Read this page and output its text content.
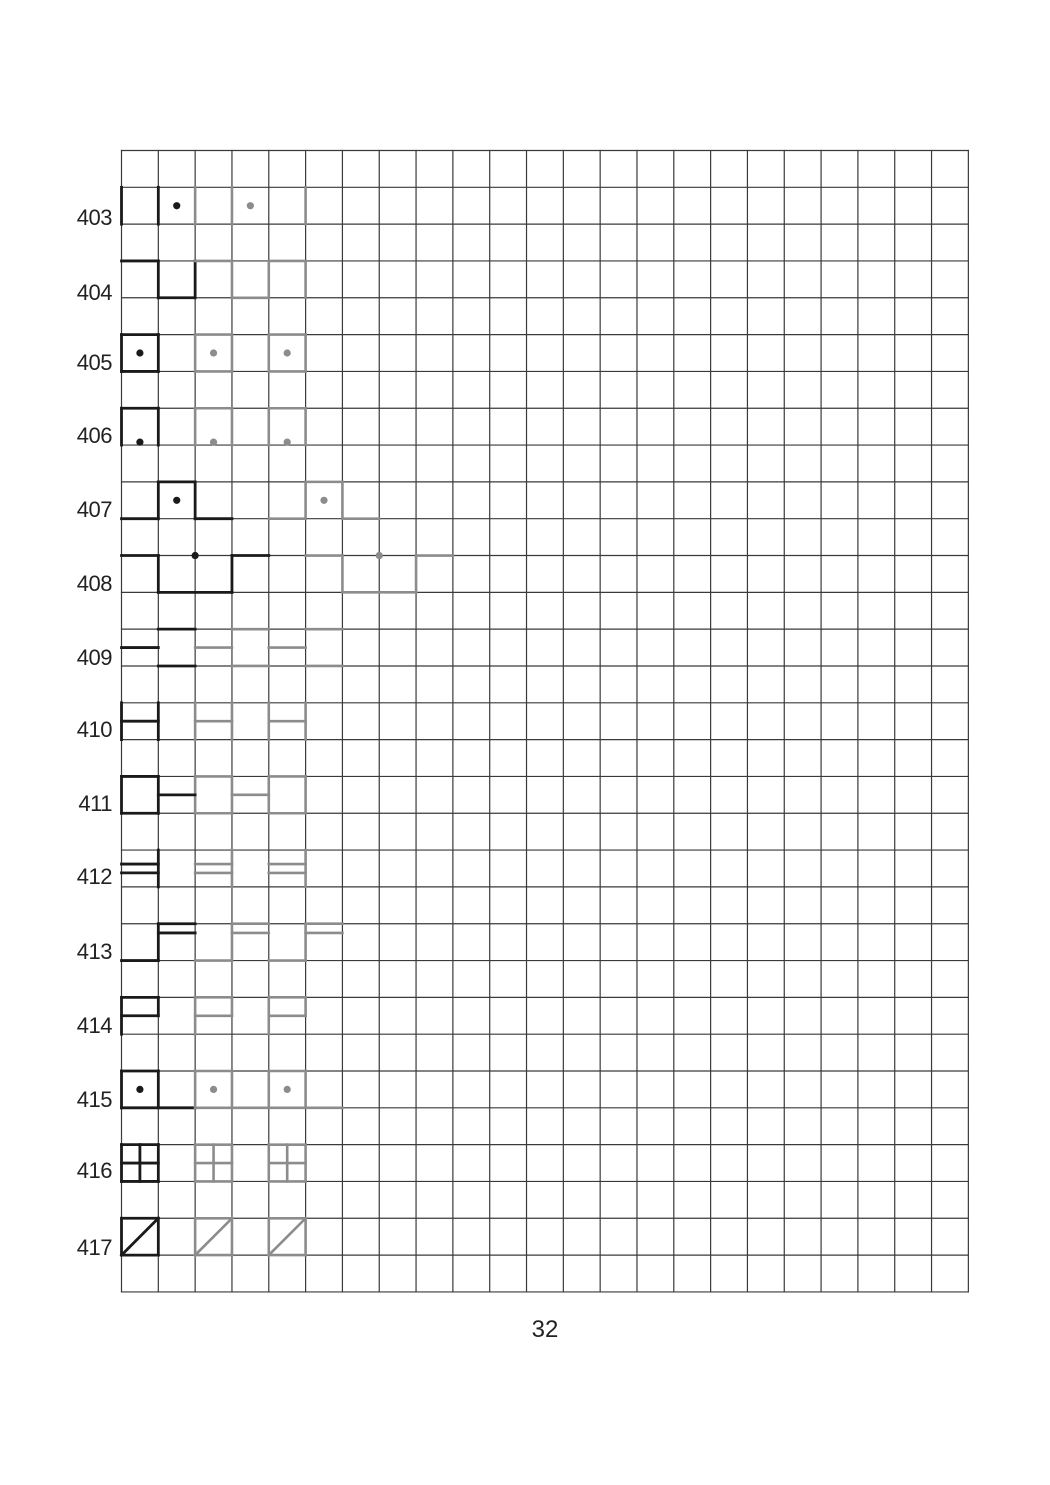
403
404
405
406
407
408
409
410
411
412
413
414
415
416
417
32
